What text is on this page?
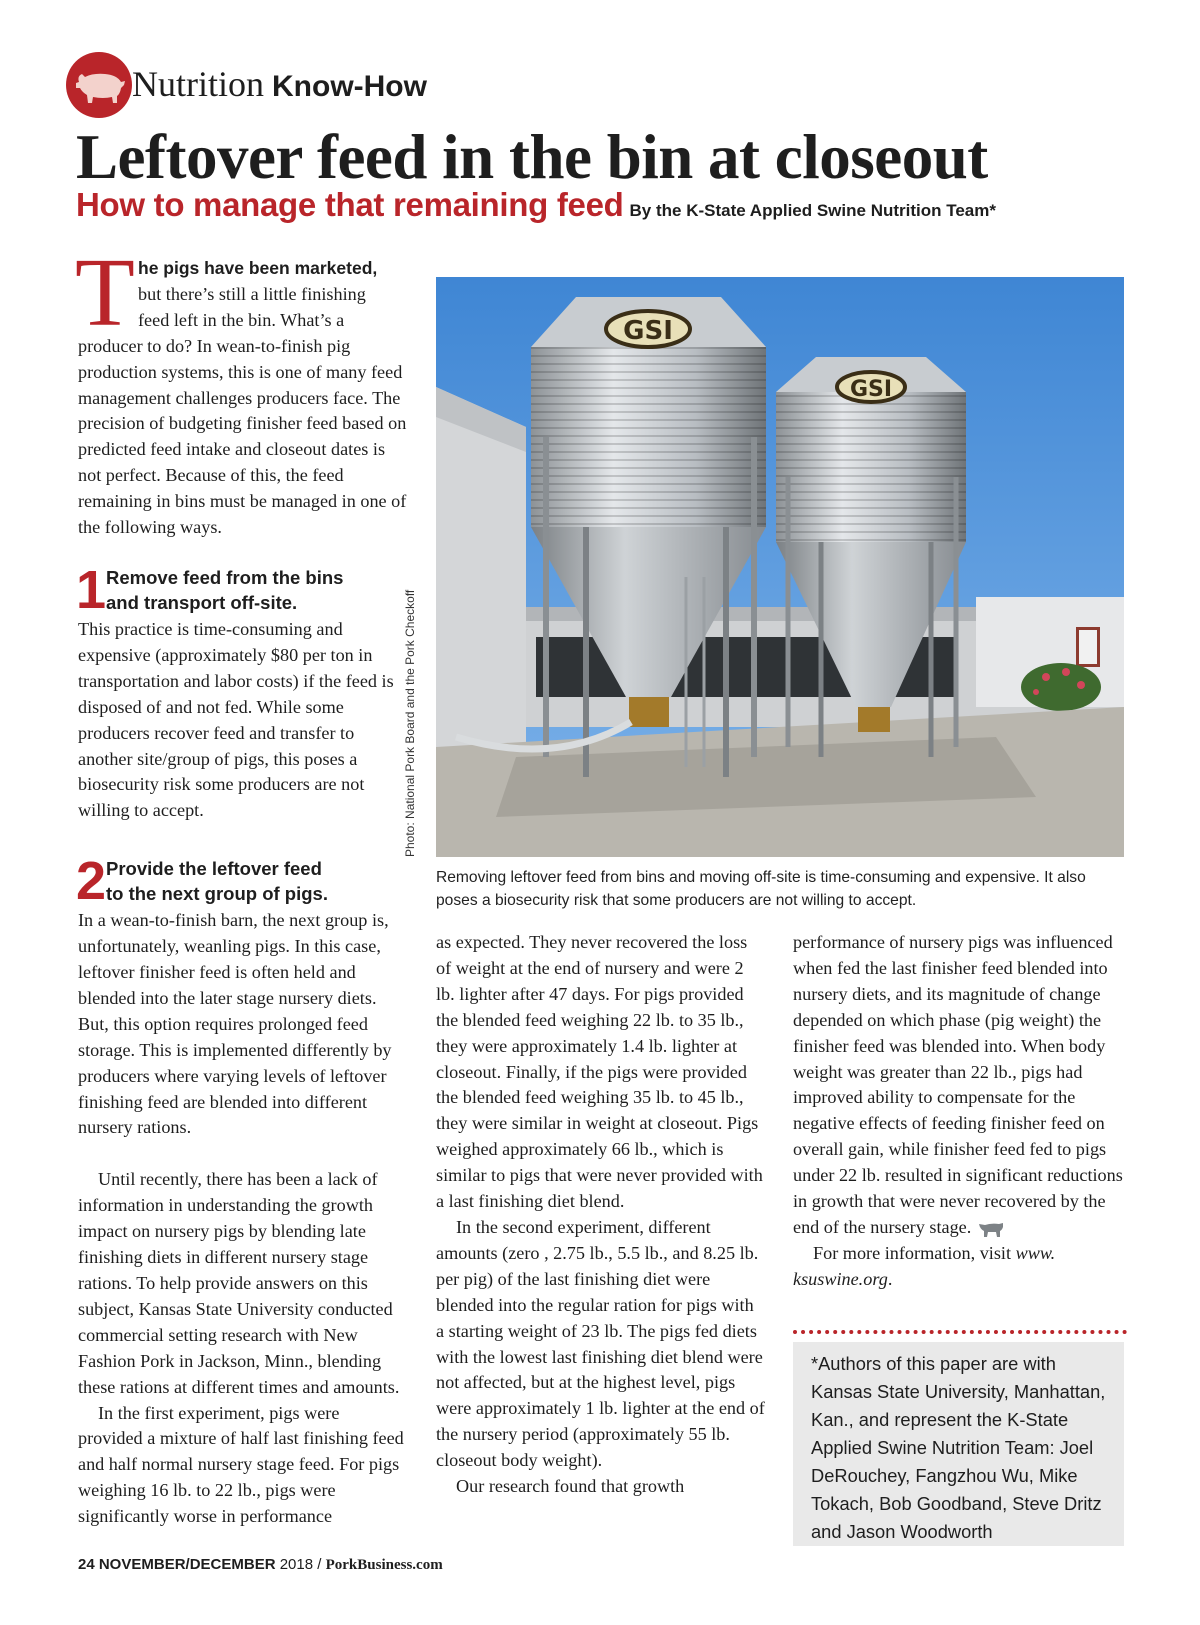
Nutrition Know-How
Leftover feed in the bin at closeout
How to manage that remaining feed By the K-State Applied Swine Nutrition Team*
T he pigs have been marketed,
but there’s still a little finishing
feed left in the bin. What’s a

producer to do? In wean-to-finish pig production systems, this is one of many feed management challenges producers face. The precision of budgeting finisher feed based on predicted feed intake and closeout dates is not perfect. Because of this, the feed remaining in bins must be managed in one of the following ways.

1 Remove feed from the bins
and transport off-site.

This practice is time-consuming and expensive (approximately $80 per ton in transportation and labor costs) if the feed is disposed of and not fed. While some producers recover feed and transfer to another site/group of pigs, this poses a biosecurity risk some producers are not willing to accept.

2 Provide the leftover feed
to the next group of pigs.

In a wean-to-finish barn, the next group is, unfortunately, weanling pigs. In this case, leftover finisher feed is often held and blended into the later stage nursery diets. But, this option requires prolonged feed storage. This is implemented differently by producers where varying levels of leftover finishing feed are blended into different nursery rations.

Until recently, there has been a lack of information in understanding the growth impact on nursery pigs by blending late finishing diets in different nursery stage rations. To help provide answers on this subject, Kansas State University conducted commercial setting research with New Fashion Pork in Jackson, Minn., blending these rations at different times and amounts.

In the first experiment, pigs were provided a mixture of half last finishing feed and half normal nursery stage feed. For pigs weighing 16 lb. to 22 lb., pigs were significantly worse in performance

GSI
GSI
Photo: National Pork Board and the Pork Checkoff
Removing leftover feed from bins and moving off-site is time-consuming and expensive. It also poses a biosecurity risk that some producers are not willing to accept.

as expected. They never recovered the loss of weight at the end of nursery and were 2 lb. lighter after 47 days. For pigs provided the blended feed weighing 22 lb. to 35 lb., they were approximately 1.4 lb. lighter at closeout. Finally, if the pigs were provided the blended feed weighing 35 lb. to 45 lb., they were similar in weight at closeout. Pigs weighed approximately 66 lb., which is similar to pigs that were never provided with a last finishing diet blend.

In the second experiment, different amounts (zero , 2.75 lb., 5.5 lb., and 8.25 lb. per pig) of the last finishing diet were blended into the regular ration for pigs with a starting weight of 23 lb. The pigs fed diets with the lowest last finishing diet blend were not affected, but at the highest level, pigs were approximately 1 lb. lighter at the end of the nursery period (approximately 55 lb. closeout body weight).

Our research found that growth

performance of nursery pigs was influenced when fed the last finisher feed blended into nursery diets, and its magnitude of change depended on which phase (pig weight) the finisher feed was blended into. When body weight was greater than 22 lb., pigs had improved ability to compensate for the negative effects of feeding finisher feed on overall gain, while finisher feed fed to pigs under 22 lb. resulted in significant reductions in growth that were never recovered by the end of the nursery stage.

For more information, visit www. ksuswine.org.

*Authors of this paper are with Kansas State University, Manhattan, Kan., and represent the K-State Applied Swine Nutrition Team: Joel DeRouchey, Fangzhou Wu, Mike Tokach, Bob Goodband, Steve Dritz and Jason Woodworth
24 NOVEMBER/DECEMBER 2018 / PorkBusiness.com
